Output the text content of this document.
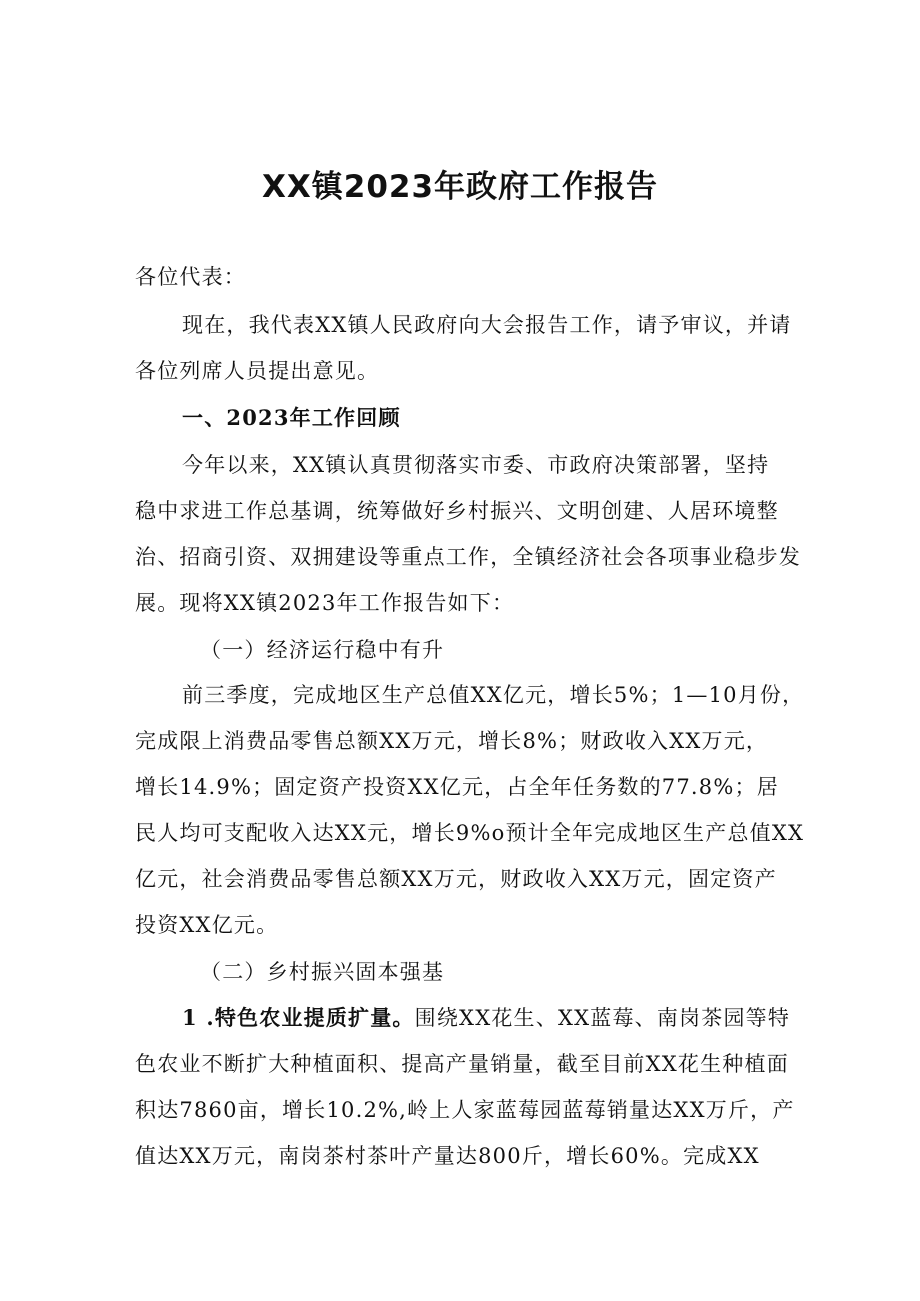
XX镇2023年政府工作报告
各位代表：
现在，我代表XX镇人民政府向大会报告工作，请予审议，并请
各位列席人员提出意见。
一、2023年工作回顾
今年以来，XX镇认真贯彻落实市委、市政府决策部署，坚持
稳中求进工作总基调，统筹做好乡村振兴、文明创建、人居环境整
治、招商引资、双拥建设等重点工作，全镇经济社会各项事业稳步发
展。现将XX镇2023年工作报告如下：
（一）经济运行稳中有升
前三季度，完成地区生产总值XX亿元，增长5%；1—10月份，
完成限上消费品零售总额XX万元，增长8%；财政收入XX万元，
增长14.9%；固定资产投资XX亿元，占全年任务数的77.8%；居
民人均可支配收入达XX元，增长9%o预计全年完成地区生产总值XX
亿元，社会消费品零售总额XX万元，财政收入XX万元，固定资产
投资XX亿元。
（二）乡村振兴固本强基
1 .特色农业提质扩量。围绕XX花生、XX蓝莓、南岗茶园等特
色农业不断扩大种植面积、提高产量销量，截至目前XX花生种植面
积达7860亩，增长10.2%,岭上人家蓝莓园蓝莓销量达XX万斤，产
值达XX万元，南岗茶村茶叶产量达800斤，增长60%。完成XX
